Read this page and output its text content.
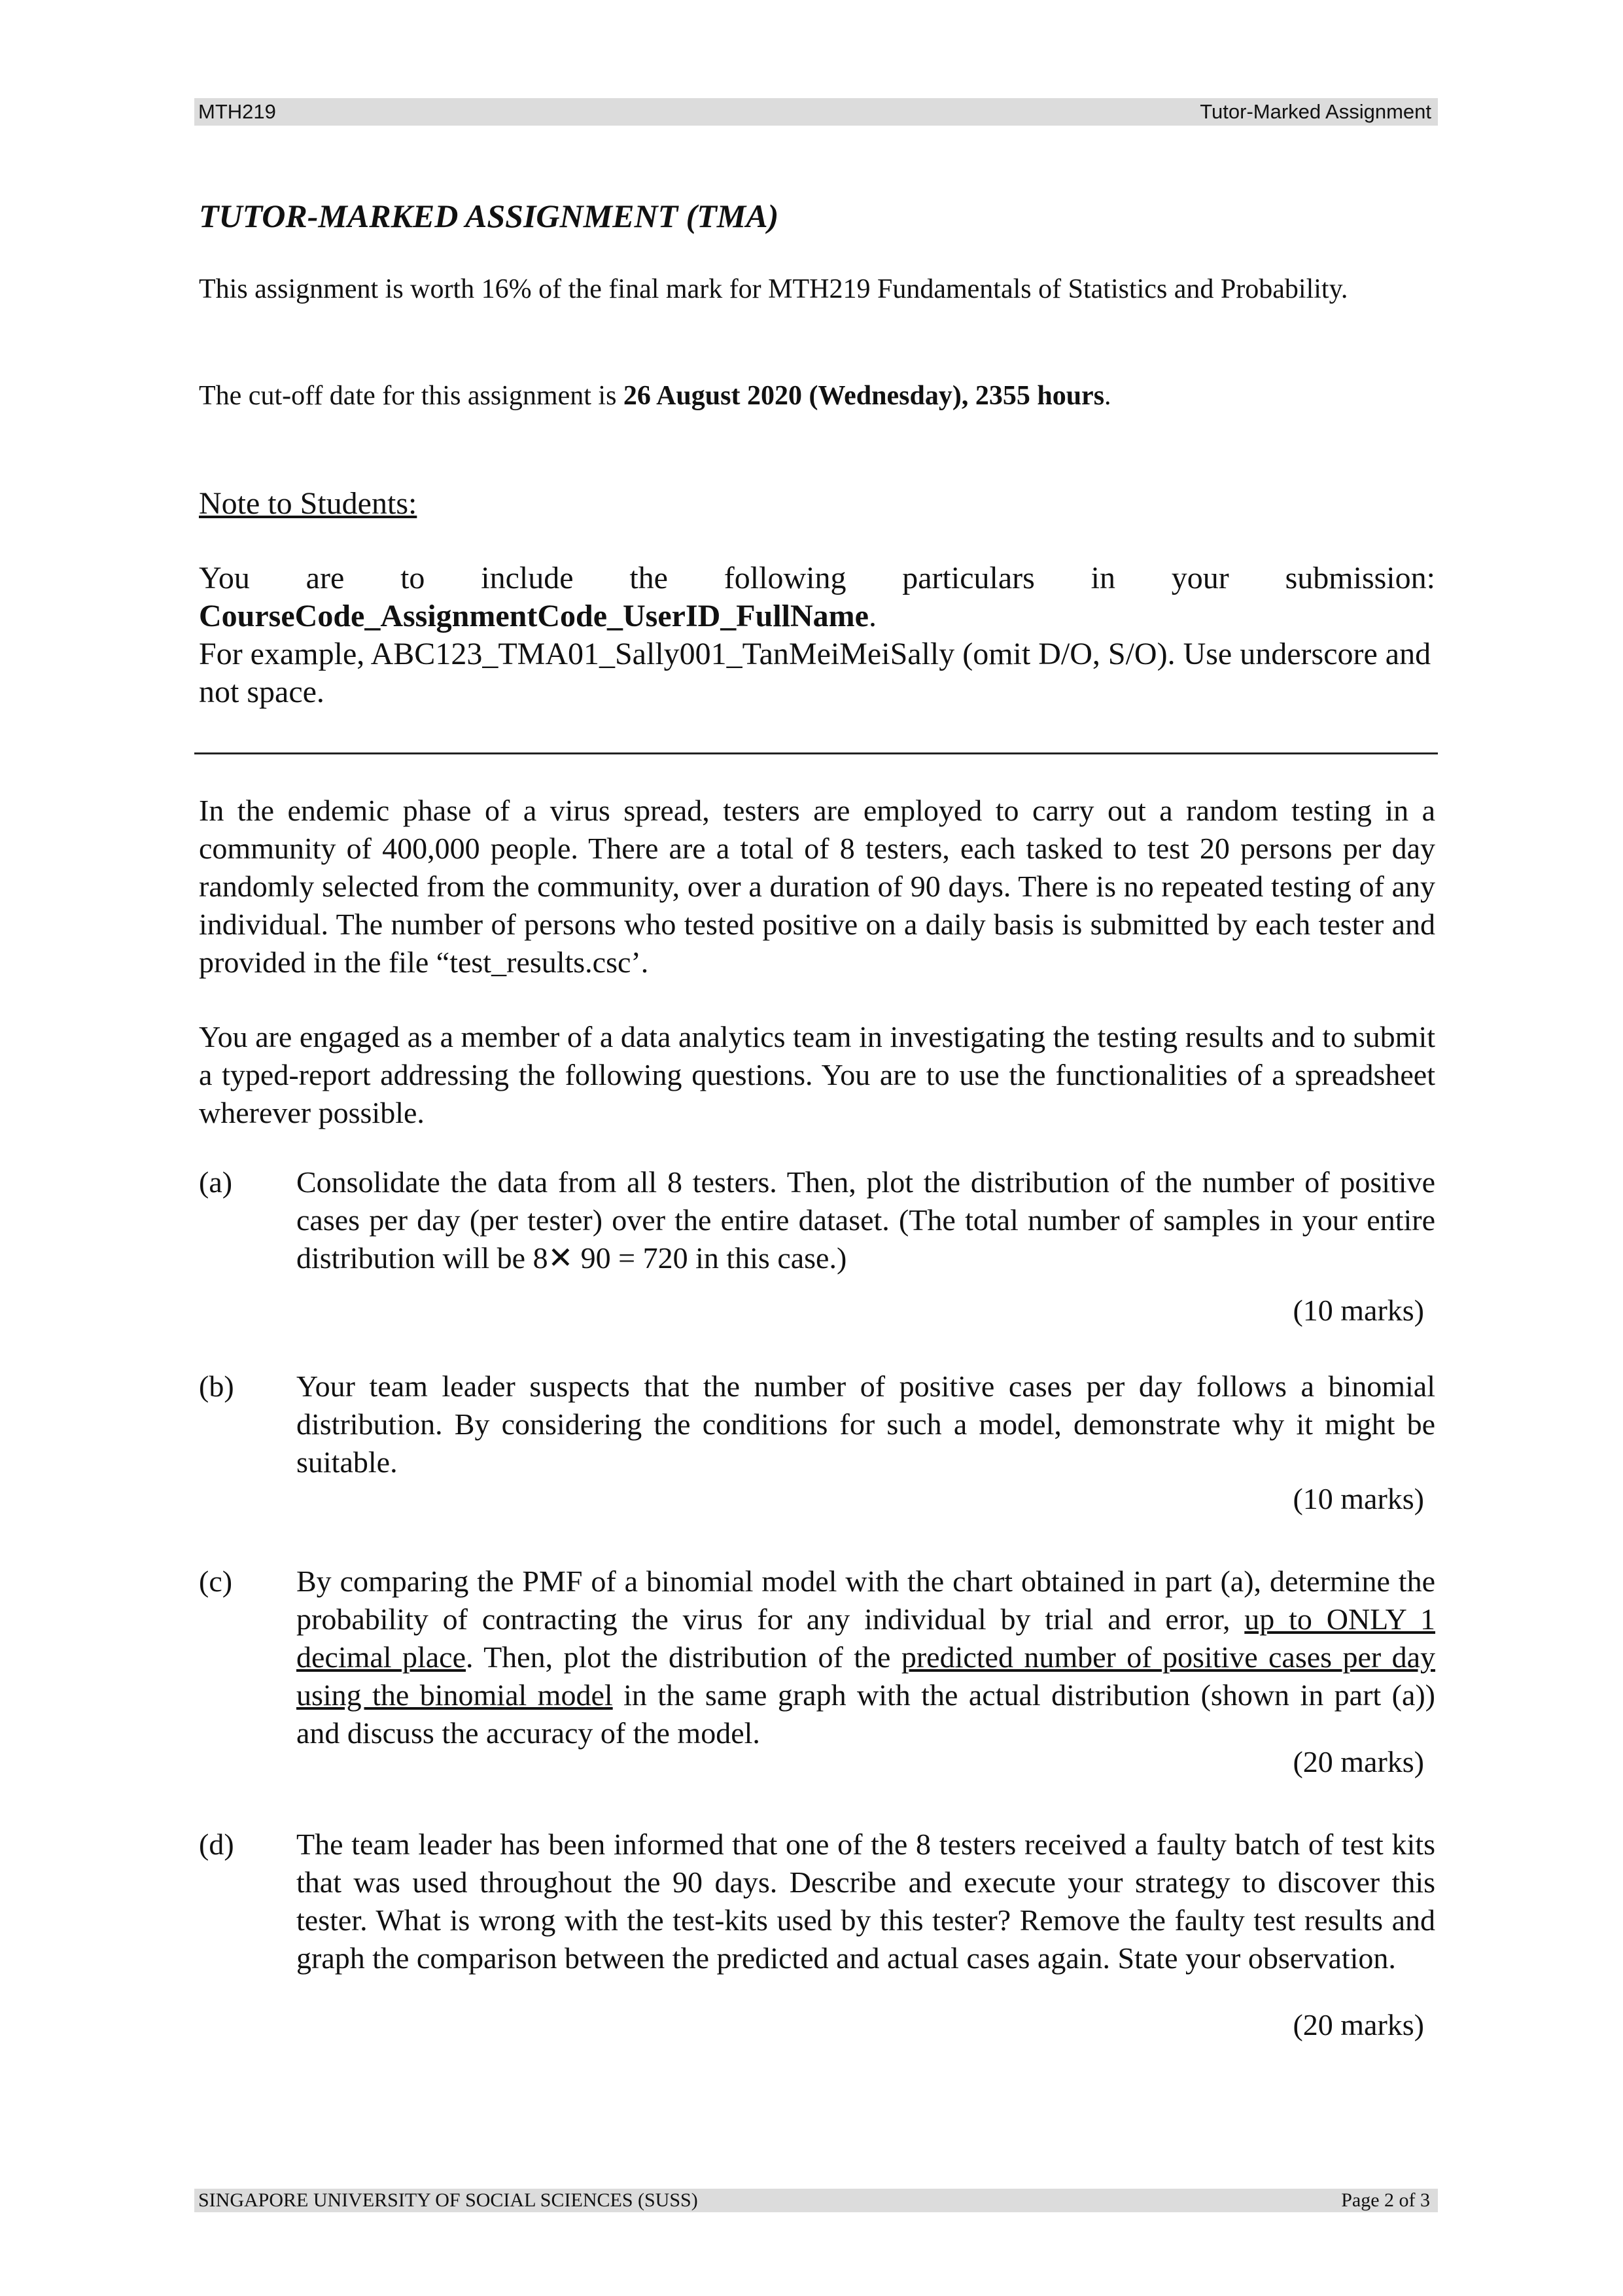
MTH219	Tutor-Marked Assignment
TUTOR-MARKED ASSIGNMENT (TMA)
This assignment is worth 16% of the final mark for MTH219 Fundamentals of Statistics and Probability.
The cut-off date for this assignment is 26 August 2020 (Wednesday), 2355 hours.
Note to Students:
You are to include the following particulars in your submission:
CourseCode_AssignmentCode_UserID_FullName.
For example, ABC123_TMA01_Sally001_TanMeiMeiSally (omit D/O, S/O). Use underscore and not space.
In the endemic phase of a virus spread, testers are employed to carry out a random testing in a community of 400,000 people. There are a total of 8 testers, each tasked to test 20 persons per day randomly selected from the community, over a duration of 90 days. There is no repeated testing of any individual. The number of persons who tested positive on a daily basis is submitted by each tester and provided in the file “test_results.csc’.
You are engaged as a member of a data analytics team in investigating the testing results and to submit a typed-report addressing the following questions. You are to use the functionalities of a spreadsheet wherever possible.
(a) Consolidate the data from all 8 testers. Then, plot the distribution of the number of positive cases per day (per tester) over the entire dataset. (The total number of samples in your entire distribution will be 8✕ 90 = 720 in this case.)
(10 marks)
(b) Your team leader suspects that the number of positive cases per day follows a binomial distribution. By considering the conditions for such a model, demonstrate why it might be suitable.
(10 marks)
(c) By comparing the PMF of a binomial model with the chart obtained in part (a), determine the probability of contracting the virus for any individual by trial and error, up to ONLY 1 decimal place. Then, plot the distribution of the predicted number of positive cases per day using the binomial model in the same graph with the actual distribution (shown in part (a)) and discuss the accuracy of the model.
(20 marks)
(d) The team leader has been informed that one of the 8 testers received a faulty batch of test kits that was used throughout the 90 days. Describe and execute your strategy to discover this tester. What is wrong with the test-kits used by this tester? Remove the faulty test results and graph the comparison between the predicted and actual cases again. State your observation.
(20 marks)
SINGAPORE UNIVERSITY OF SOCIAL SCIENCES (SUSS)	Page 2 of 3
